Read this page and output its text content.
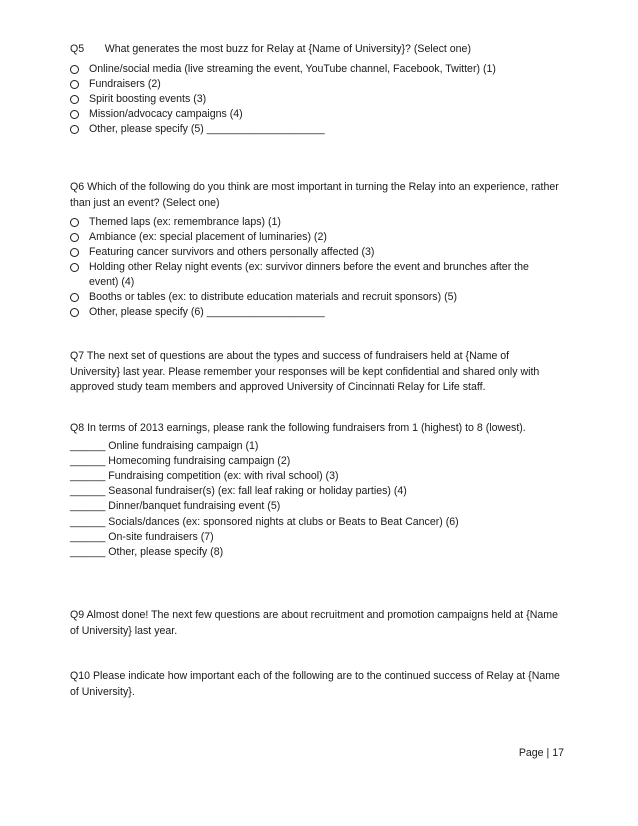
Q5       What generates the most buzz for Relay at {Name of University}? (Select one)

Online/social media (live streaming the event, YouTube channel, Facebook, Twitter) (1)
Fundraisers (2)
Spirit boosting events (3)
Mission/advocacy campaigns (4)
Other, please specify (5) ____________________

Q6 Which of the following do you think are most important in turning the Relay into an experience, rather than just an event? (Select one)

Themed laps (ex: remembrance laps) (1)
Ambiance (ex: special placement of luminaries) (2)
Featuring cancer survivors and others personally affected (3)
Holding other Relay night events (ex: survivor dinners before the event and brunches after the event) (4)
Booths or tables (ex: to distribute education materials and recruit sponsors) (5)
Other, please specify (6) ____________________

Q7 The next set of questions are about the types and success of fundraisers held at {Name of University} last year. Please remember your responses will be kept confidential and shared only with approved study team members and approved University of Cincinnati Relay for Life staff.

Q8 In terms of 2013 earnings, please rank the following fundraisers from 1 (highest) to 8 (lowest).

______ Online fundraising campaign (1)
______ Homecoming fundraising campaign (2)
______ Fundraising competition (ex: with rival school) (3)
______ Seasonal fundraiser(s) (ex: fall leaf raking or holiday parties) (4)
______ Dinner/banquet fundraising event (5)
______ Socials/dances (ex: sponsored nights at clubs or Beats to Beat Cancer) (6)
______ On-site fundraisers (7)
______ Other, please specify (8)

Q9 Almost done! The next few questions are about recruitment and promotion campaigns held at {Name of University} last year.

Q10 Please indicate how important each of the following are to the continued success of Relay at {Name of University}.

Page | 17
